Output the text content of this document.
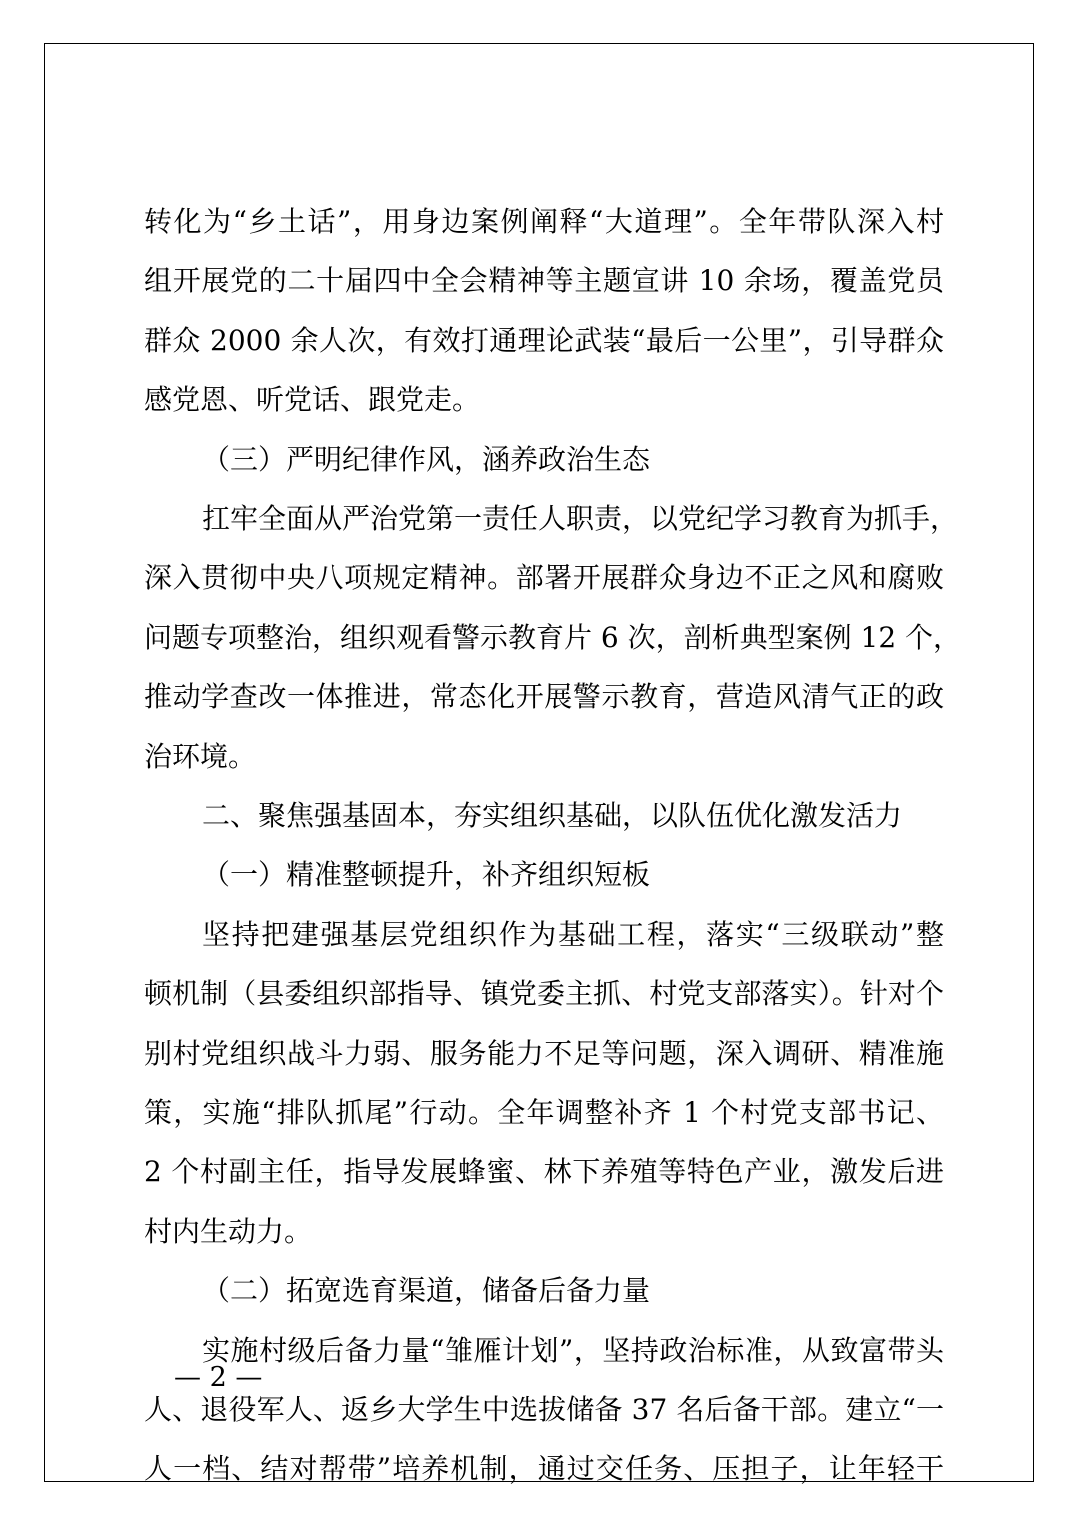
转化为“乡土话”，用身边案例阐释“大道理”。全年带队深入村
组开展党的二十届四中全会精神等主题宣讲 10 余场，覆盖党员
群众 2000 余人次，有效打通理论武装“最后一公里”，引导群众
感党恩、听党话、跟党走。
（三）严明纪律作风，涵养政治生态
扛牢全面从严治党第一责任人职责，以党纪学习教育为抓手，
深入贯彻中央八项规定精神。部署开展群众身边不正之风和腐败
问题专项整治，组织观看警示教育片 6 次，剖析典型案例 12 个，
推动学查改一体推进，常态化开展警示教育，营造风清气正的政
治环境。
二、聚焦强基固本，夯实组织基础，以队伍优化激发活力
（一）精准整顿提升，补齐组织短板
坚持把建强基层党组织作为基础工程，落实“三级联动”整
顿机制（县委组织部指导、镇党委主抓、村党支部落实）。针对个
别村党组织战斗力弱、服务能力不足等问题，深入调研、精准施
策，实施“排队抓尾”行动。全年调整补齐 1 个村党支部书记、
2 个村副主任，指导发展蜂蜜、林下养殖等特色产业，激发后进
村内生动力。
（二）拓宽选育渠道，储备后备力量
实施村级后备力量“雏雁计划”，坚持政治标准，从致富带头
人、退役军人、返乡大学生中选拔储备 37 名后备干部。建立“一
人一档、结对帮带”培养机制，通过交任务、压担子，让年轻干
— 2 —
